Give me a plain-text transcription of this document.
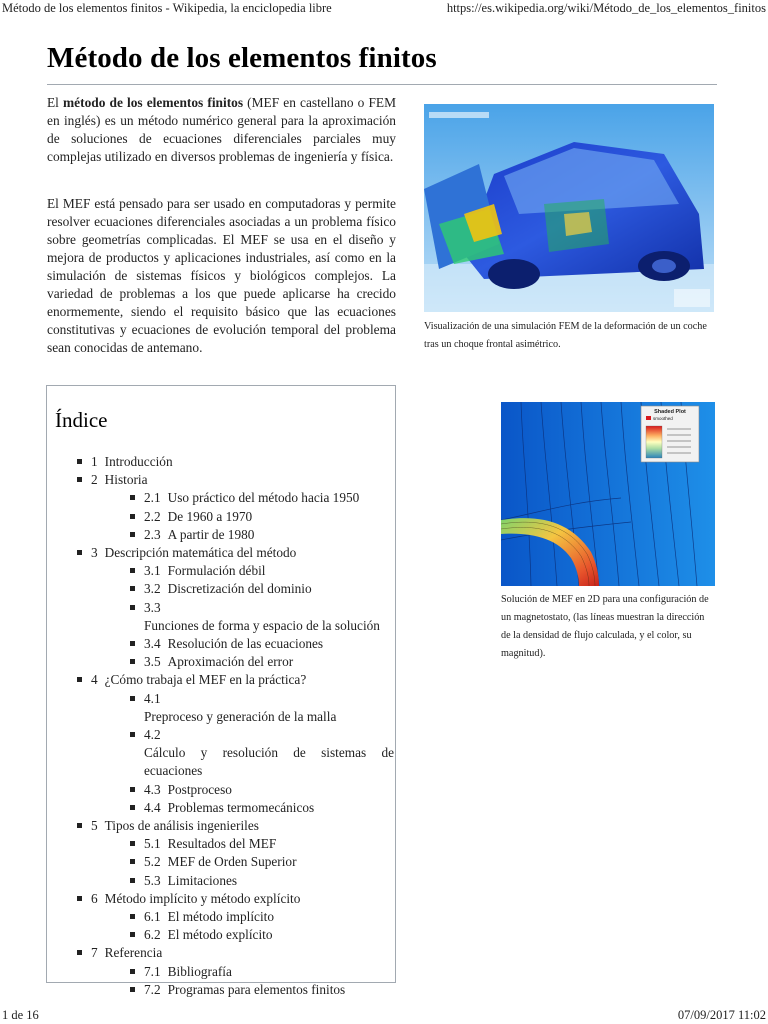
Método de los elementos finitos - Wikipedia, la enciclopedia libre	https://es.wikipedia.org/wiki/Método_de_los_elementos_finitos
Método de los elementos finitos

El método de los elementos finitos (MEF en castellano o FEM en inglés) es un método numérico general para la aproximación de soluciones de ecuaciones diferenciales parciales muy complejas utilizado en diversos problemas de ingeniería y física.

El MEF está pensado para ser usado en computadoras y permite resolver ecuaciones diferenciales asociadas a un problema físico sobre geometrías complicadas. El MEF se usa en el diseño y mejora de productos y aplicaciones industriales, así como en la simulación de sistemas físicos y biológicos complejos. La variedad de problemas a los que puede aplicarse ha crecido enormemente, siendo el requisito básico que las ecuaciones constitutivas y ecuaciones de evolución temporal del problema sean conocidas de antemano.

Visualización de una simulación FEM de la deformación de un coche tras un choque frontal asimétrico.
Shaded Plot
smoothed
Solución de MEF en 2D para una configuración de un magnetostato, (las líneas muestran la dirección de la densidad de flujo calculada, y el color, su magnitud).
Índice
1 Introducción
2 Historia
2.1 Uso práctico del método hacia 1950
2.2 De 1960 a 1970
2.3 A partir de 1980
3 Descripción matemática del método
3.1 Formulación débil
3.2 Discretización del dominio
3.3Funciones de forma y espacio de la solución
3.4 Resolución de las ecuaciones
3.5 Aproximación del error
4 ¿Cómo trabaja el MEF en la práctica?
4.1Preproceso y generación de la malla
4.2Cálculo y resolución de sistemas de ecuaciones
4.3 Postproceso
4.4 Problemas termomecánicos
5 Tipos de análisis ingenieriles
5.1 Resultados del MEF
5.2 MEF de Orden Superior
5.3 Limitaciones
6 Método implícito y método explícito
6.1 El método implícito
6.2 El método explícito
7 Referencia
7.1 Bibliografía
7.2 Programas para elementos finitos
1 de 16	07/09/2017 11:02
